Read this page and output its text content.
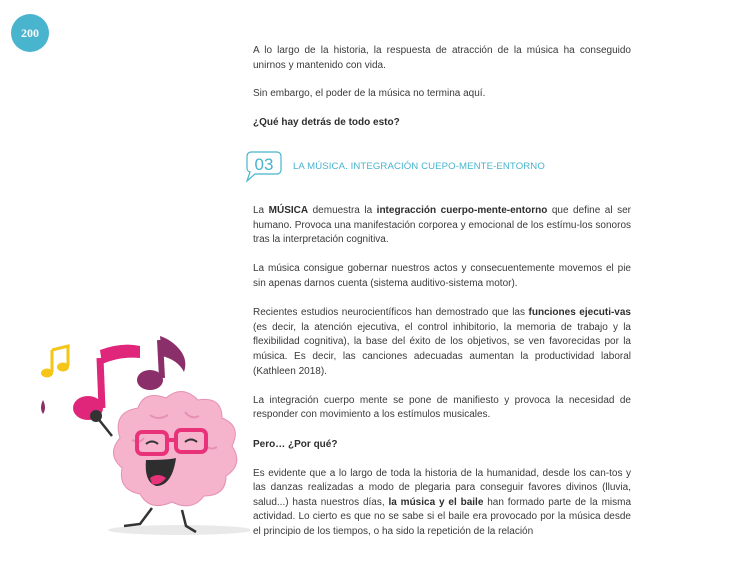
200

A lo largo de la historia, la respuesta de atracción de la música ha conseguido unirnos y mantenido con vida.

Sin embargo, el poder de la música no termina aquí.

¿Qué hay detrás de todo esto?

03 LA MÚSICA. INTEGRACIÓN CUEPO-MENTE-ENTORNO

La MÚSICA demuestra la integracción cuerpo-mente-entorno que define al ser humano. Provoca una manifestación corporea y emocional de los estímu-los sonoros tras la interpretación cognitiva.

La música consigue gobernar nuestros actos y consecuentemente movemos el pie sin apenas darnos cuenta (sistema auditivo-sistema motor).

Recientes estudios neurocientíficos han demostrado que las funciones ejecuti-vas (es decir, la atención ejecutiva, el control inhibitorio, la memoria de trabajo y la flexibilidad cognitiva), la base del éxito de los objetivos, se ven favorecidas por la música. Es decir, las canciones adecuadas aumentan la productividad laboral (Kathleen 2018).

La integración cuerpo mente se pone de manifiesto y provoca la necesidad de responder con movimiento a los estímulos musicales.

Pero… ¿Por qué?

Es evidente que a lo largo de toda la historia de la humanidad, desde los can-tos y las danzas realizadas a modo de plegaria para conseguir favores divinos (lluvia, salud...) hasta nuestros días, la música y el baile han formado parte de la misma actividad. Lo cierto es que no se sabe si el baile era provocado por la música desde el principio de los tiempos, o ha sido la repetición de la relación
